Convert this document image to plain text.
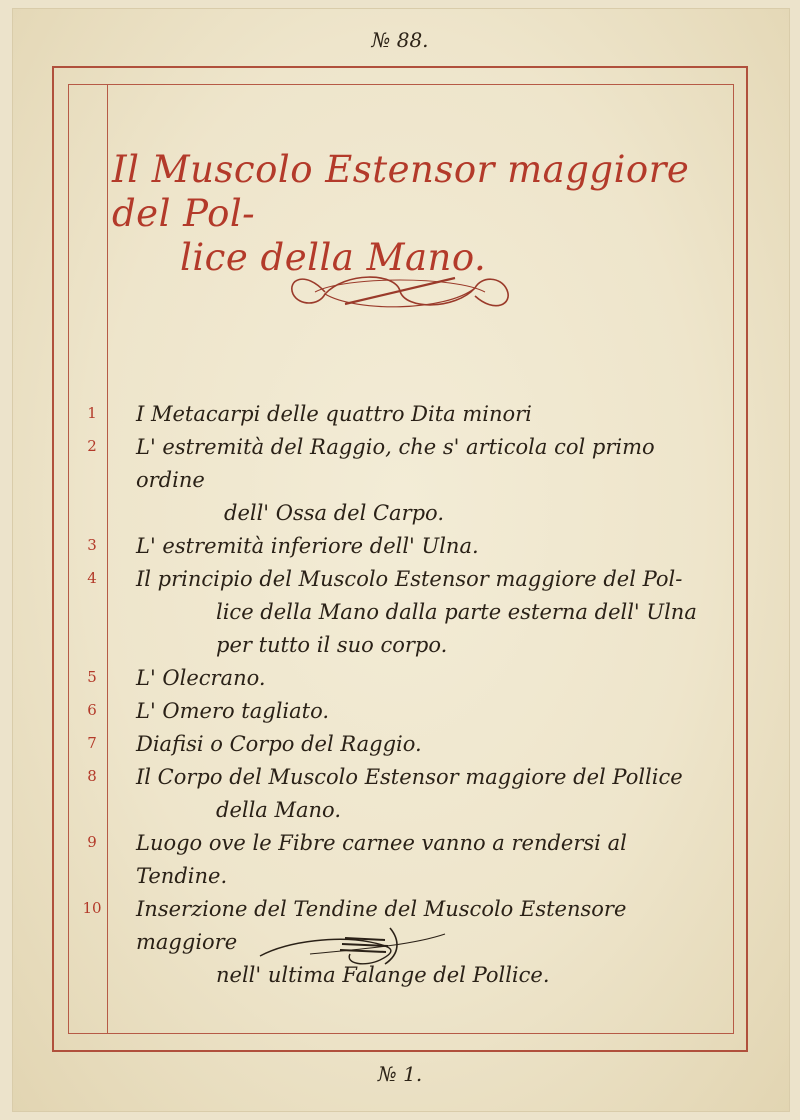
№ 88.
Il Muscolo Estensor maggiore del Pol-
lice della Mano.
1	I Metacarpi delle quattro Dita minori
2	L' estremità del Raggio, che s' articola col primo ordine
dell' Ossa del Carpo.
3	L' estremità inferiore dell' Ulna.
4	Il principio del Muscolo Estensor maggiore del Pol-
lice della Mano dalla parte esterna dell' Ulna
per tutto il suo corpo.
5	L' Olecrano.
6	L' Omero tagliato.
7	Diafisi o Corpo del Raggio.
8	Il Corpo del Muscolo Estensor maggiore del Pollice
della Mano.
9	Luogo ove le Fibre carnee vanno a rendersi al Tendine.
10 Inserzione del Tendine del Muscolo Estensore maggiore
nell' ultima Falange del Pollice.
№ 1.
